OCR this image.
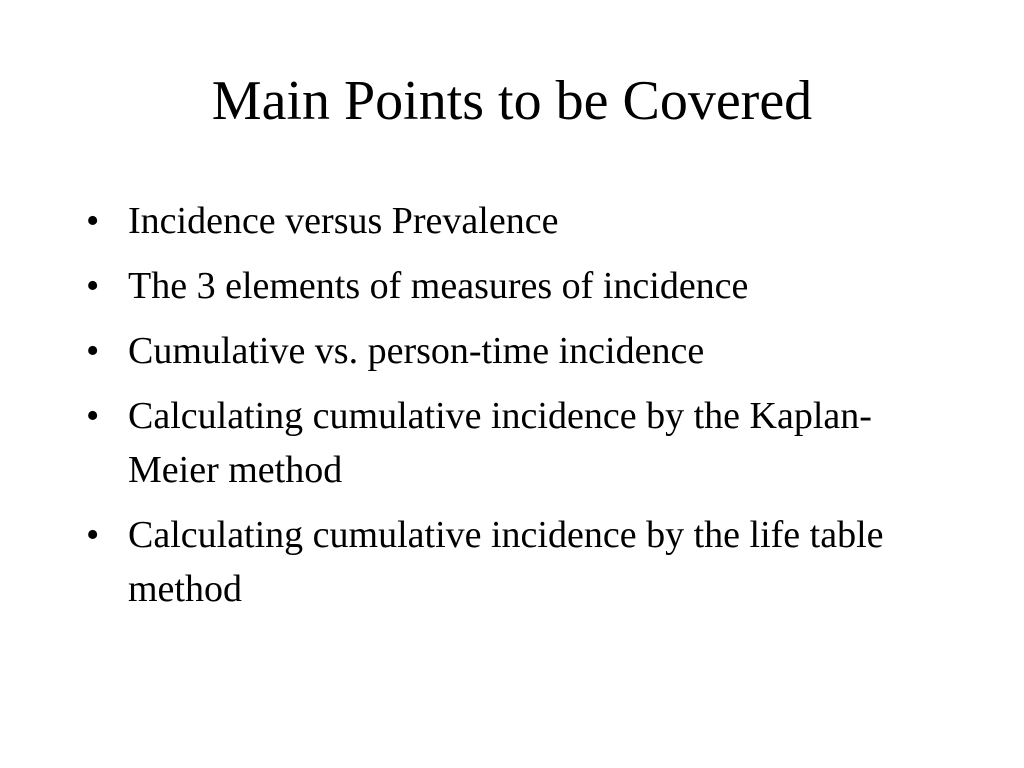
Main Points to be Covered
• Incidence versus Prevalence
• The 3 elements of measures of incidence
• Cumulative vs. person-time incidence
• Calculating cumulative incidence by the Kaplan-Meier method
• Calculating cumulative incidence by the life table method
